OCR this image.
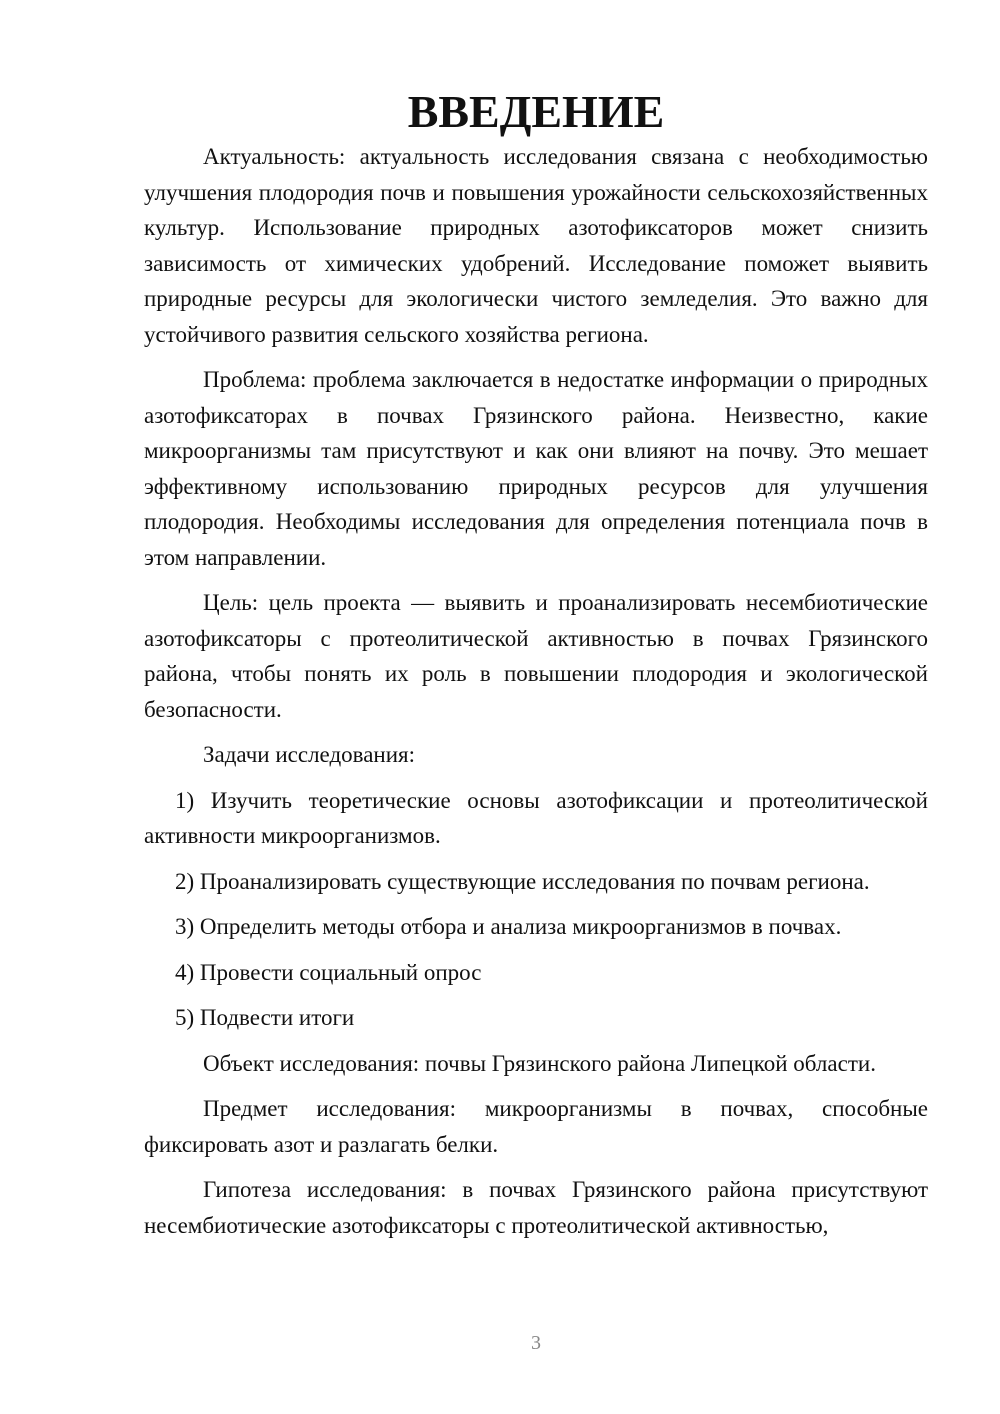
ВВЕДЕНИЕ

Актуальность: актуальность исследования связана с необходимостью улучшения плодородия почв и повышения урожайности сельскохозяйственных культур. Использование природных азотофиксаторов может снизить зависимость от химических удобрений. Исследование поможет выявить природные ресурсы для экологически чистого земледелия. Это важно для устойчивого развития сельского хозяйства региона.

Проблема: проблема заключается в недостатке информации о природных азотофиксаторах в почвах Грязинского района. Неизвестно, какие микроорганизмы там присутствуют и как они влияют на почву. Это мешает эффективному использованию природных ресурсов для улучшения плодородия. Необходимы исследования для определения потенциала почв в этом направлении.

Цель: цель проекта — выявить и проанализировать несембиотические азотофиксаторы с протеолитической активностью в почвах Грязинского района, чтобы понять их роль в повышении плодородия и экологической безопасности.

Задачи исследования:

1) Изучить теоретические основы азотофиксации и протеолитической активности микроорганизмов.

2) Проанализировать существующие исследования по почвам региона.

3) Определить методы отбора и анализа микроорганизмов в почвах.

4) Провести социальный опрос

5) Подвести итоги

Объект исследования: почвы Грязинского района Липецкой области.

Предмет исследования: микроорганизмы в почвах, способные фиксировать азот и разлагать белки.

Гипотеза исследования: в почвах Грязинского района присутствуют несембиотические азотофиксаторы с протеолитической активностью,

3
